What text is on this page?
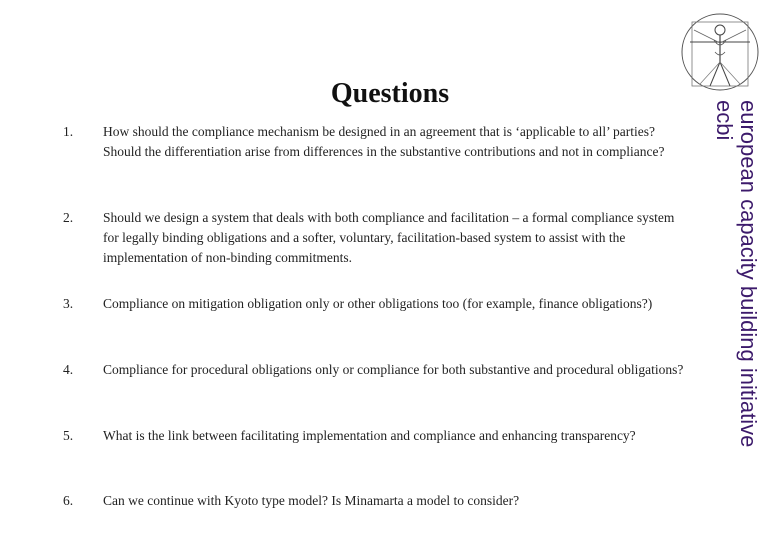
Questions
1. How should the compliance mechanism be designed in an agreement that is ‘applicable to all’ parties? Should the differentiation arise from differences in the substantive contributions and not in compliance?
2. Should we design a system that deals with both compliance and facilitation – a formal compliance system for legally binding obligations and a softer, voluntary, facilitation-based system to assist with the implementation of non-binding commitments.
3. Compliance on mitigation obligation only or other obligations too (for example, finance obligations?)
4. Compliance for procedural obligations only or compliance for both substantive and procedural obligations?
5. What is the link between facilitating implementation and compliance and enhancing transparency?
6. Can we continue with Kyoto type model? Is Minamarta a model to consider?
european capacity building initiative
ecbi
